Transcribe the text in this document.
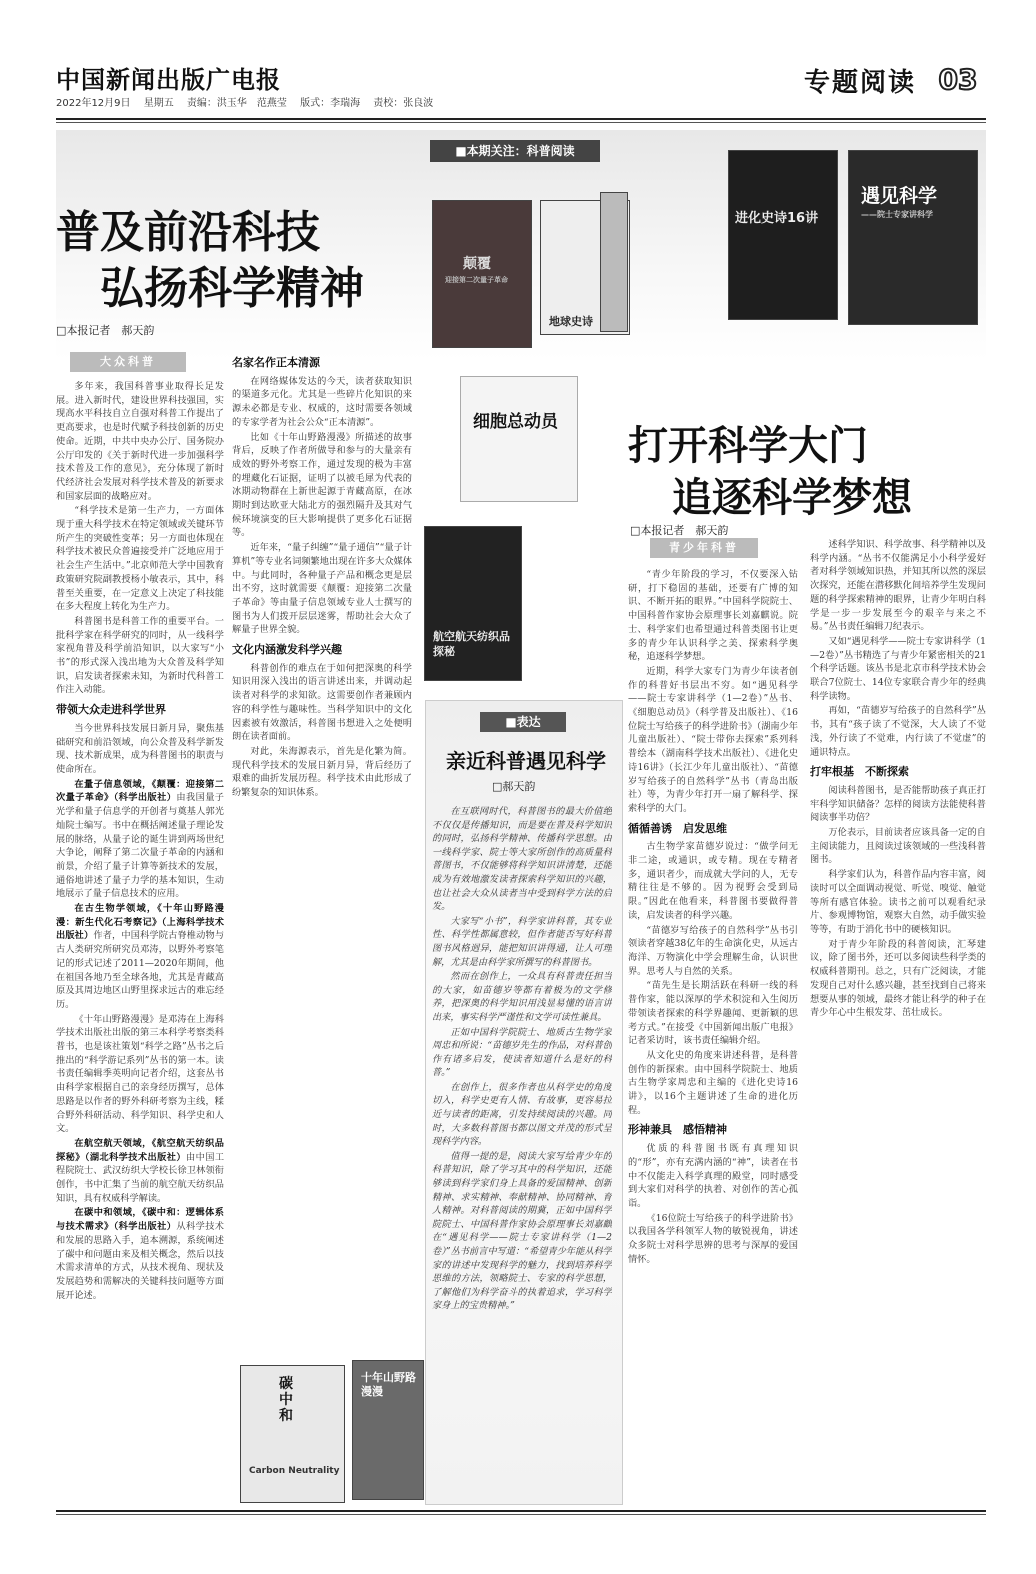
中国新闻出版广电报
2022年12月9日　 星期五　 责编：洪玉华　范燕莹　 版式：李瑞海　 责校：张良波
专题阅读 03
■本期关注：科普阅读
普及前沿科技
弘扬科学精神
□本报记者　郝天韵
大众科普
颠覆
迎接第二次量子革命
地球史诗
进化史诗16讲
遇见科学
——院士专家讲科学
细胞总动员
航空航天纺织品探秘
打开科学大门
追逐科学梦想
□本报记者　郝天韵
青少年科普

多年来，我国科普事业取得长足发展。进入新时代，建设世界科技强国，实现高水平科技自立自强对科普工作提出了更高要求，也是时代赋予科技创新的历史使命。近期，中共中央办公厅、国务院办公厅印发的《关于新时代进一步加强科学技术普及工作的意见》，充分体现了新时代经济社会发展对科学技术普及的新要求和国家层面的战略应对。

“科学技术是第一生产力，一方面体现于重大科学技术在特定领域或关键环节所产生的突破性变革；另一方面也体现在科学技术被民众普遍接受并广泛地应用于社会生产生活中。”北京师范大学中国教育政策研究院副教授杨小敏表示，其中，科普至关重要，在一定意义上决定了科技能在多大程度上转化为生产力。

科普图书是科普工作的重要平台。一批科学家在科学研究的同时，从一线科学家视角普及科学前沿知识，以大家写“小书”的形式深入浅出地为大众普及科学知识，启发读者探索未知，为新时代科普工作注入动能。

带领大众走进科学世界

当今世界科技发展日新月异，聚焦基础研究和前沿领域，向公众普及科学新发现、技术新成果，成为科普图书的职责与使命所在。

在量子信息领域，《颠覆：迎接第二次量子革命》（科学出版社）由我国量子光学和量子信息学的开创者与奠基人郭光灿院士编写。书中在概括阐述量子理论发展的脉络，从量子论的诞生讲到两场世纪大争论，阐释了第二次量子革命的内涵和前景，介绍了量子计算等新技术的发展，通俗地讲述了量子力学的基本知识，生动地展示了量子信息技术的应用。

在古生物学领域，《十年山野路漫漫：新生代化石考察记》（上海科学技术出版社）作者，中国科学院古脊椎动物与古人类研究所研究员邓涛，以野外考察笔记的形式记述了2011—2020年期间，他在祖国各地乃至全球各地，尤其是青藏高原及其周边地区山野里探求远古的难忘经历。

《十年山野路漫漫》是邓涛在上海科学技术出版社出版的第三本科学考察类科普书，也是该社策划“科学之路”丛书之后推出的“科学游记系列”丛书的第一本。读书责任编辑季英明向记者介绍，这套丛书由科学家根据自己的亲身经历撰写，总体思路是以作者的野外科研考察为主线，糅合野外科研活动、科学知识、科学史和人文。

在航空航天领域，《航空航天纺织品探秘》（湖北科学技术出版社）由中国工程院院士、武汉纺织大学校长徐卫林领衔创作，书中汇集了当前的航空航天纺织品知识，具有权威科学解读。

在碳中和领域，《碳中和：逻辑体系与技术需求》（科学出版社）从科学技术和发展的思路入手，追本溯源，系统阐述了碳中和问题由来及相关概念，然后以技术需求清单的方式，从技术视角、现状及发展趋势和需解决的关键科技问题等方面展开论述。

名家名作正本清源

在网络媒体发达的今天，读者获取知识的渠道多元化。尤其是一些碎片化知识的来源未必都是专业、权威的，这时需要各领域的专家学者为社会公众“正本清源”。

比如《十年山野路漫漫》所描述的故事背后，反映了作者所做导和参与的大量亲有成效的野外考察工作，通过发现的极为丰富的埋藏化石证据，证明了以被毛犀为代表的冰期动物群在上新世起源于青藏高原，在冰期时到达欧亚大陆北方的强烈隔升及其对气候环境演变的巨大影响提供了更多化石证据等。

近年来，“量子纠缠”“量子通信”“量子计算机”等专业名词频繁地出现在许多大众媒体中。与此同时，各种量子产品和概念更是层出不穷，这时就需要《颠覆：迎接第二次量子革命》等由量子信息领域专业人士撰写的图书为人们拨开层层迷雾，帮助社会大众了解量子世界全貌。

文化内涵激发科学兴趣

科普创作的难点在于如何把深奥的科学知识用深入浅出的语言讲述出来，并调动起读者对科学的求知欲。这需要创作者兼顾内容的科学性与趣味性。当科学知识中的文化因素被有效激活，科普图书想进入之处便明朗在读者面前。

对此，朱海源表示，首先是化繁为简。现代科学技术的发展日新月异，背后经历了艰难的曲折发展历程。科学技术由此形成了纷繁复杂的知识体系。

碳中和
Carbon Neutrality
十年山野路漫漫
■表达
亲近科普遇见科学
□郝天韵

在互联网时代，科普图书的最大价值绝不仅仅是传播知识，而是要在普及科学知识的同时，弘扬科学精神、传播科学思想。由一线科学家、院士等大家所创作的高质量科普图书，不仅能够将科学知识讲清楚，还能成为有效地激发读者探索科学知识的兴趣，也让社会大众从读者当中受到科学方法的启发。

大家写“小书”，科学家讲科普，其专业性、科学性都属意较，但作者能否写好科普图书风格迥异，能把知识讲得通，让人可理解，尤其是由科学家所撰写的科普图书。

然而在创作上，一众具有科普责任担当的大家，如苗德岁等都有着极为的文学修养，把深奥的科学知识用浅显易懂的语言讲出来，事实科学严谨性和文学可读性兼具。

正如中国科学院院士、地质古生物学家周忠和所说：“苗德岁先生的作品，对科普创作有诸多启发，使读者知道什么是好的科普。”

在创作上，很多作者也从科学史的角度切入，科学史更有人情、有故事，更容易拉近与读者的距离，引发持续阅读的兴趣。同时，大多数科普图书都以图文并茂的形式呈现科学内容。

值得一提的是，阅读大家写给青少年的科普知识，除了学习其中的科学知识，还能够读到科学家们身上具备的爱国精神、创新精神、求实精神、奉献精神、协同精神、育人精神。对科普阅读的期冀，正如中国科学院院士、中国科普作家协会原理事长刘嘉麒在“遇见科学——院士专家讲科学（1—2卷）”丛书前言中写道：“希望青少年能从科学家的讲述中发现科学的魅力，找到培养科学思维的方法，领略院士、专家的科学思想，了解他们为科学奋斗的执着追求，学习科学家身上的宝贵精神。”

“青少年阶段的学习，不仅要深入钻研，打下稳固的基础，还要有广博的知识、不断开拓的眼界。”中国科学院院士、中国科普作家协会原理事长刘嘉麒说。院士、科学家们也希望通过科普类图书让更多的青少年认识科学之美、探索科学奥秘，追逐科学梦想。

近期，科学大家专门为青少年读者创作的科普好书层出不穷。如“遇见科学——院士专家讲科学（1—2卷）”丛书、《细胞总动员》（科学普及出版社）、《16位院士写给孩子的科学进阶书》（湖南少年儿童出版社）、“院士带你去探索”系列科普绘本（湖南科学技术出版社）、《进化史诗16讲》（长江少年儿童出版社）、“苗德岁写给孩子的自然科学”丛书（青岛出版社）等，为青少年打开一扇了解科学、探索科学的大门。

循循善诱　启发思维

古生物学家苗德岁说过：“做学问无非二途，或通识，或专精。现在专精者多，通识者少，而成就大学问的人，无专精往往是不够的。因为视野会受到局限。”因此在他看来，科普图书要做得普读，启发读者的科学兴趣。

“苗德岁写给孩子的自然科学”丛书引领读者穿越38亿年的生命演化史，从远古海洋、万物演化中学会理解生命，认识世界。思考人与自然的关系。

“苗先生是长期活跃在科研一线的科普作家，能以深厚的学术积淀和入生阅历带领读者探索的科学界趣闻、更新颖的思考方式。”在接受《中国新闻出版广电报》记者采访时，该书责任编辑介绍。

从文化史的角度来讲述科普，是科普创作的新探索。由中国科学院院士、地质古生物学家周忠和主编的《进化史诗16讲》，以16个主题讲述了生命的进化历程。

形神兼具　感悟精神

优质的科普图书既有真理知识的“形”，亦有充满内涵的“神”，读者在书中不仅能走入科学真理的殿堂，同时感受到大家们对科学的执着、对创作的苦心孤诣。

《16位院士写给孩子的科学进阶书》以我国各学科领军人物的敏锐视角，讲述众多院士对科学思辨的思考与深厚的爱国情怀。

述科学知识、科学故事、科学精神以及科学内涵。“丛书不仅能满足小小科学爱好者对科学领域知识热，并知其所以然的深层次探究，还能在潜移默化间培养学生发现问题的科学探索精神的眼界，让青少年明白科学是一步一步发展至今的艰辛与来之不易。”丛书责任编辑刀纪表示。

又如“遇见科学——院士专家讲科学（1—2卷）”丛书精选了与青少年紧密相关的21个科学话题。该丛书是北京市科学技术协会联合7位院士、14位专家联合青少年的经典科学读物。

再如，“苗德岁写给孩子的自然科学”丛书，其有“孩子读了不觉深，大人读了不觉浅，外行读了不觉难，内行读了不觉虚”的通识特点。

打牢根基　不断探索

阅读科普图书，是否能帮助孩子真正打牢科学知识储备？怎样的阅读方法能使科普阅读事半功倍？

万伦表示，目前读者应该具备一定的自主阅读能力，且阅读过该领域的一些浅科普图书。

科学家们认为，科普作品内容丰富，阅读时可以全面调动视觉、听觉、嗅觉、触觉等所有感官体验。读书之前可以观看纪录片、参观博物馆，观察大自然，动手做实验等等，有助于消化书中的硬核知识。

对于青少年阶段的科普阅读，汇琴建议，除了图书外，还可以多阅读些科学类的权威科普期刊。总之，只有广泛阅读，才能发现自己对什么感兴趣，甚至找到自己将来想要从事的领域，最终才能让科学的种子在青少年心中生根发芽、茁壮成长。
